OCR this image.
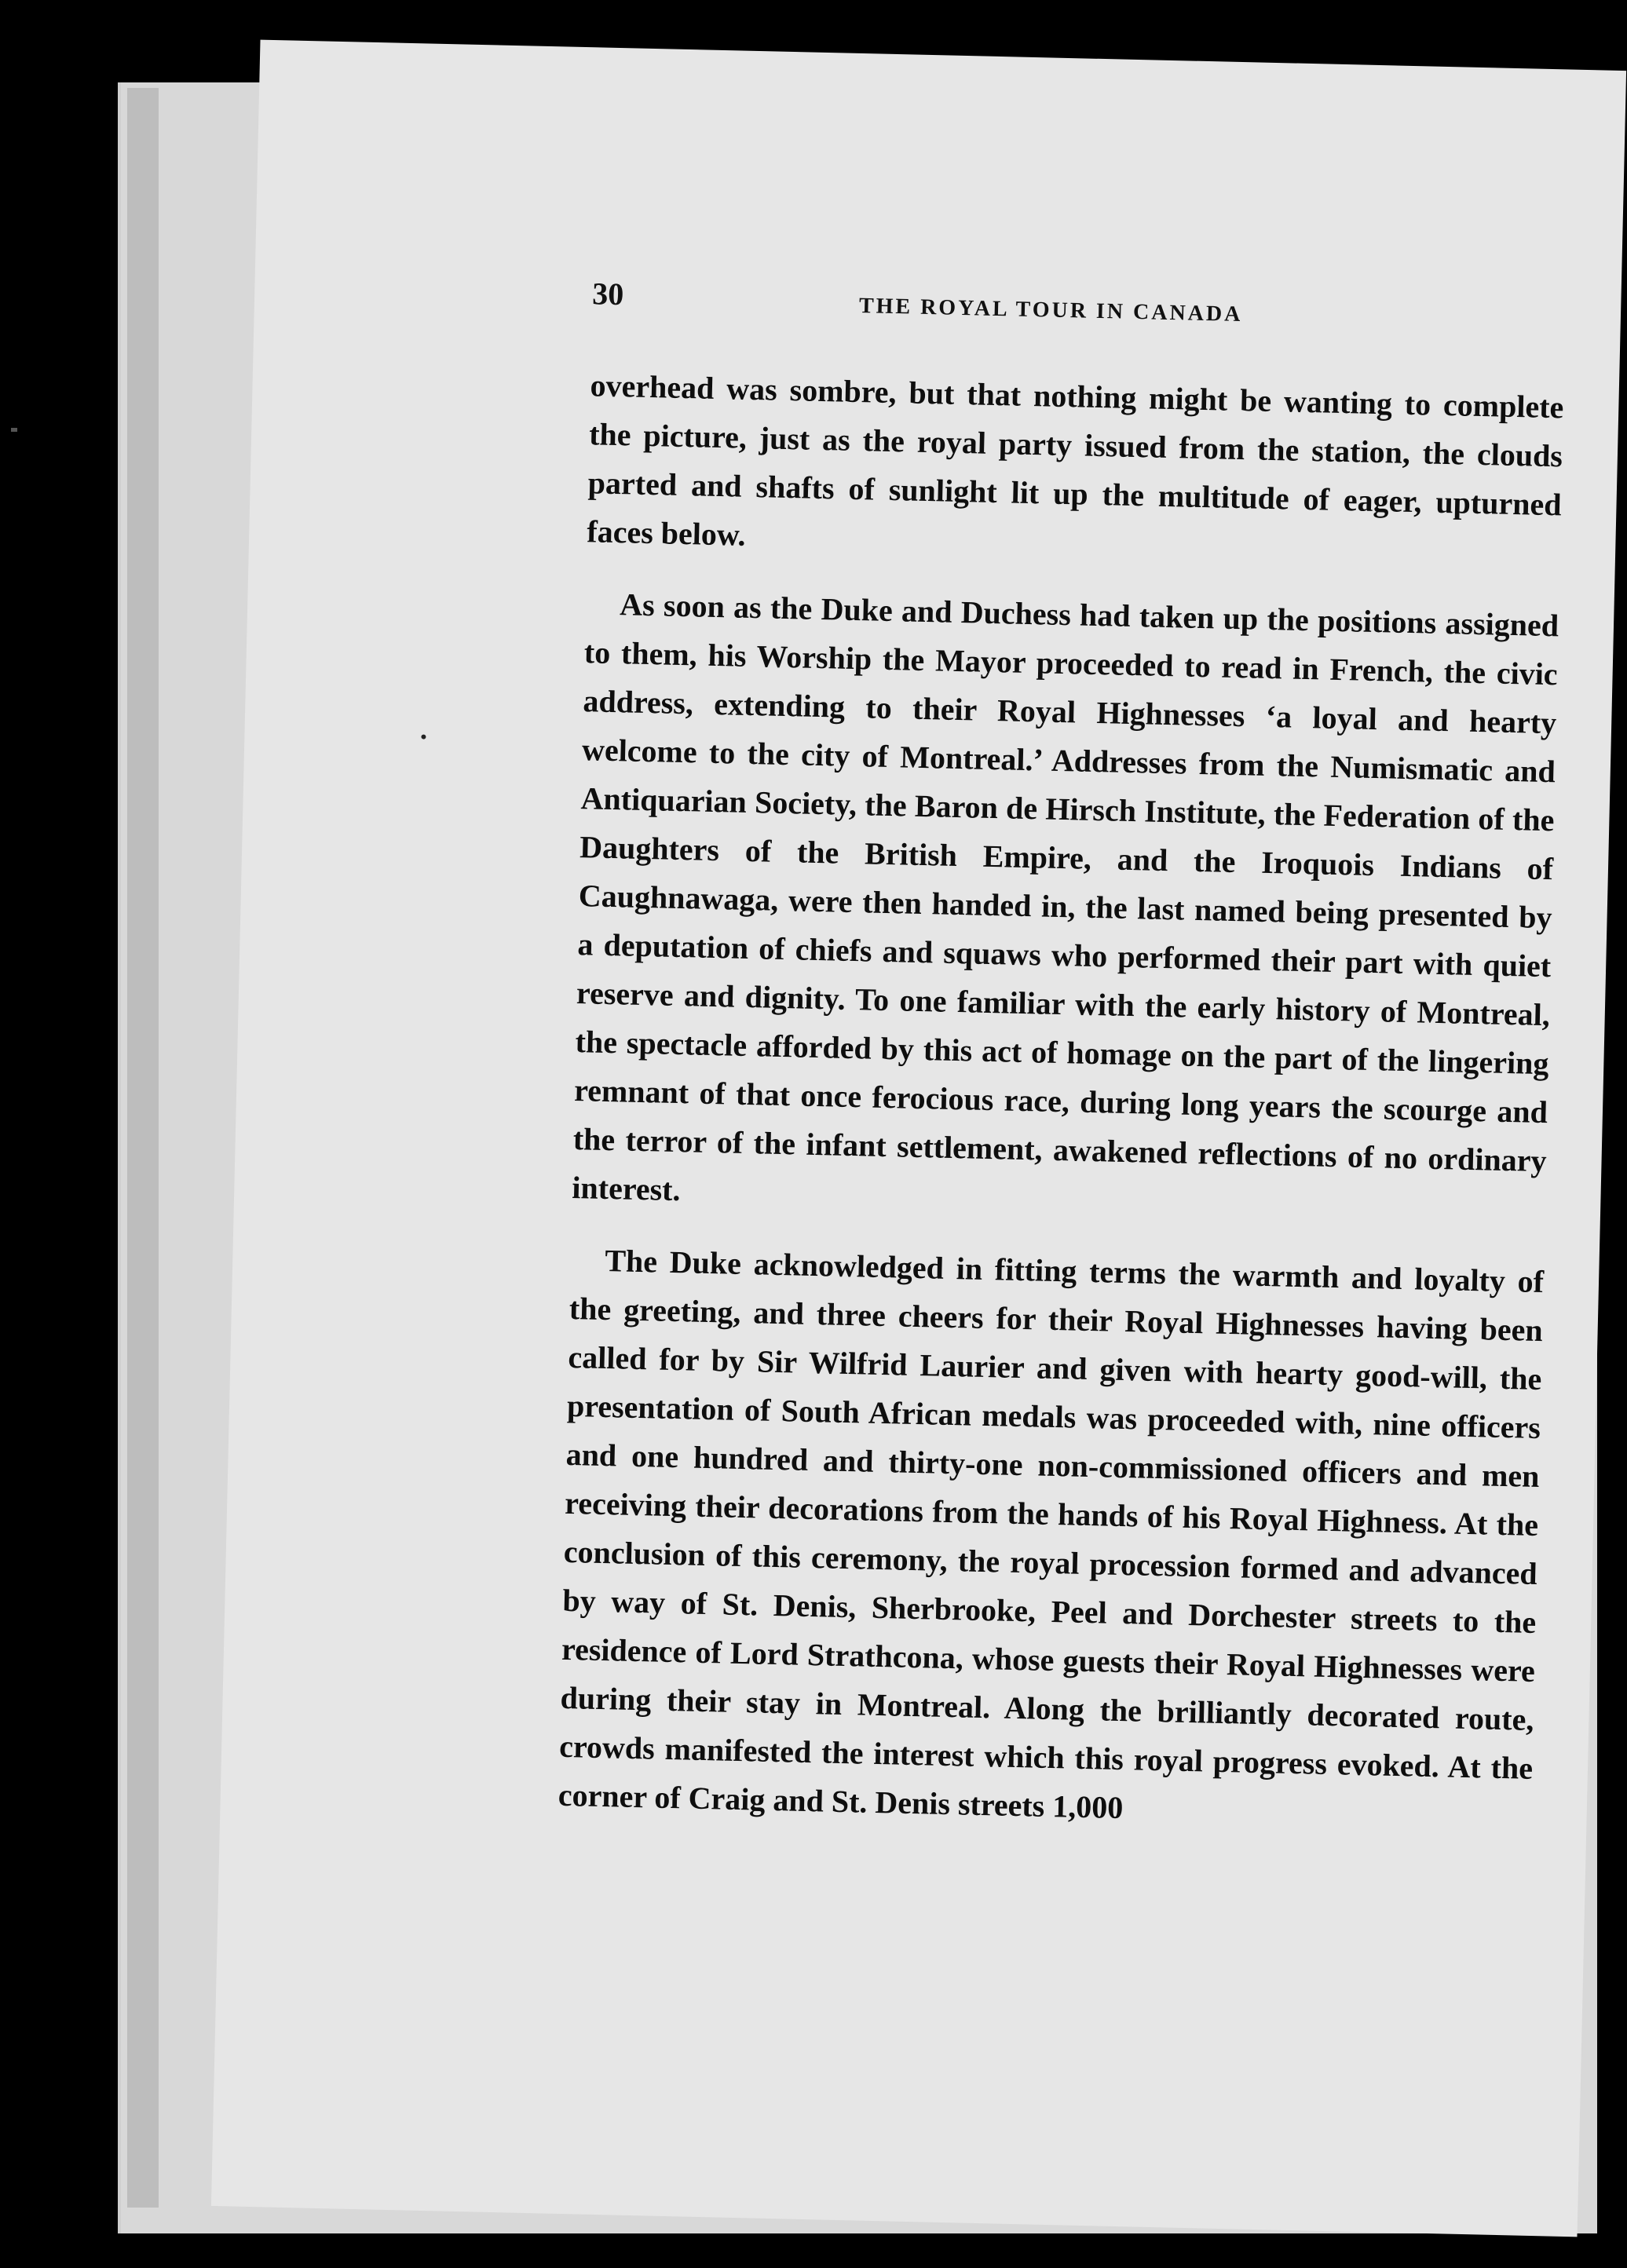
30	THE ROYAL TOUR IN CANADA

overhead was sombre, but that nothing might be wanting to complete the picture, just as the royal party issued from the station, the clouds parted and shafts of sunlight lit up the multitude of eager, upturned faces below.

As soon as the Duke and Duchess had taken up the positions assigned to them, his Worship the Mayor proceeded to read in French, the civic address, extending to their Royal Highnesses ‘a loyal and hearty welcome to the city of Montreal.’ Addresses from the Numismatic and Antiquarian Society, the Baron de Hirsch Institute, the Federation of the Daughters of the British Empire, and the Iroquois Indians of Caughnawaga, were then handed in, the last named being presented by a deputation of chiefs and squaws who performed their part with quiet reserve and dignity. To one familiar with the early history of Montreal, the spectacle afforded by this act of homage on the part of the lingering remnant of that once ferocious race, during long years the scourge and the terror of the infant settlement, awakened reflections of no ordinary interest.

The Duke acknowledged in fitting terms the warmth and loyalty of the greeting, and three cheers for their Royal Highnesses having been called for by Sir Wilfrid Laurier and given with hearty good-will, the presentation of South African medals was proceeded with, nine officers and one hundred and thirty-one non-commissioned officers and men receiving their decorations from the hands of his Royal Highness. At the conclusion of this ceremony, the royal procession formed and advanced by way of St. Denis, Sherbrooke, Peel and Dorchester streets to the residence of Lord Strathcona, whose guests their Royal Highnesses were during their stay in Montreal. Along the brilliantly decorated route, crowds manifested the interest which this royal progress evoked. At the corner of Craig and St. Denis streets 1,000
